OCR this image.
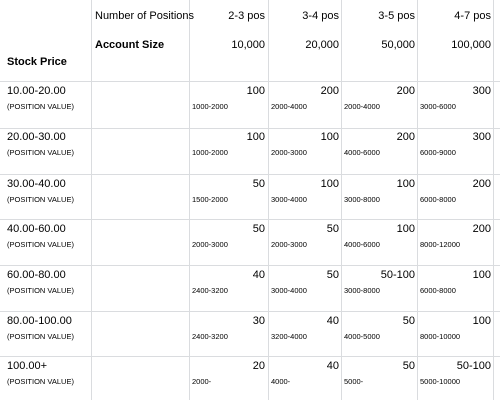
Number of Positions	2-3 pos	3-4 pos	3-5 pos	4-7 pos
Account Size	10,000	20,000	50,000	100,000
Stock Price
10.00-20.00	100	200	200	300
(POSITION VALUE)	1000-2000	2000-4000	2000-4000	3000-6000
20.00-30.00	100	100	200	300
(POSITION VALUE)	1000-2000	2000-3000	4000-6000	6000-9000
30.00-40.00	50	100	100	200
(POSITION VALUE)	1500-2000	3000-4000	3000-8000	6000-8000
40.00-60.00	50	50	100	200
(POSITION VALUE)	2000-3000	2000-3000	4000-6000	8000-12000
60.00-80.00	40	50	50-100	100
(POSITION VALUE)	2400-3200	3000-4000	3000-8000	6000-8000
80.00-100.00	30	40	50	100
(POSITION VALUE)	2400-3200	3200-4000	4000-5000	8000-10000
100.00+	20	40	50	50-100
(POSITION VALUE)	2000-	4000-	5000-	5000-10000
